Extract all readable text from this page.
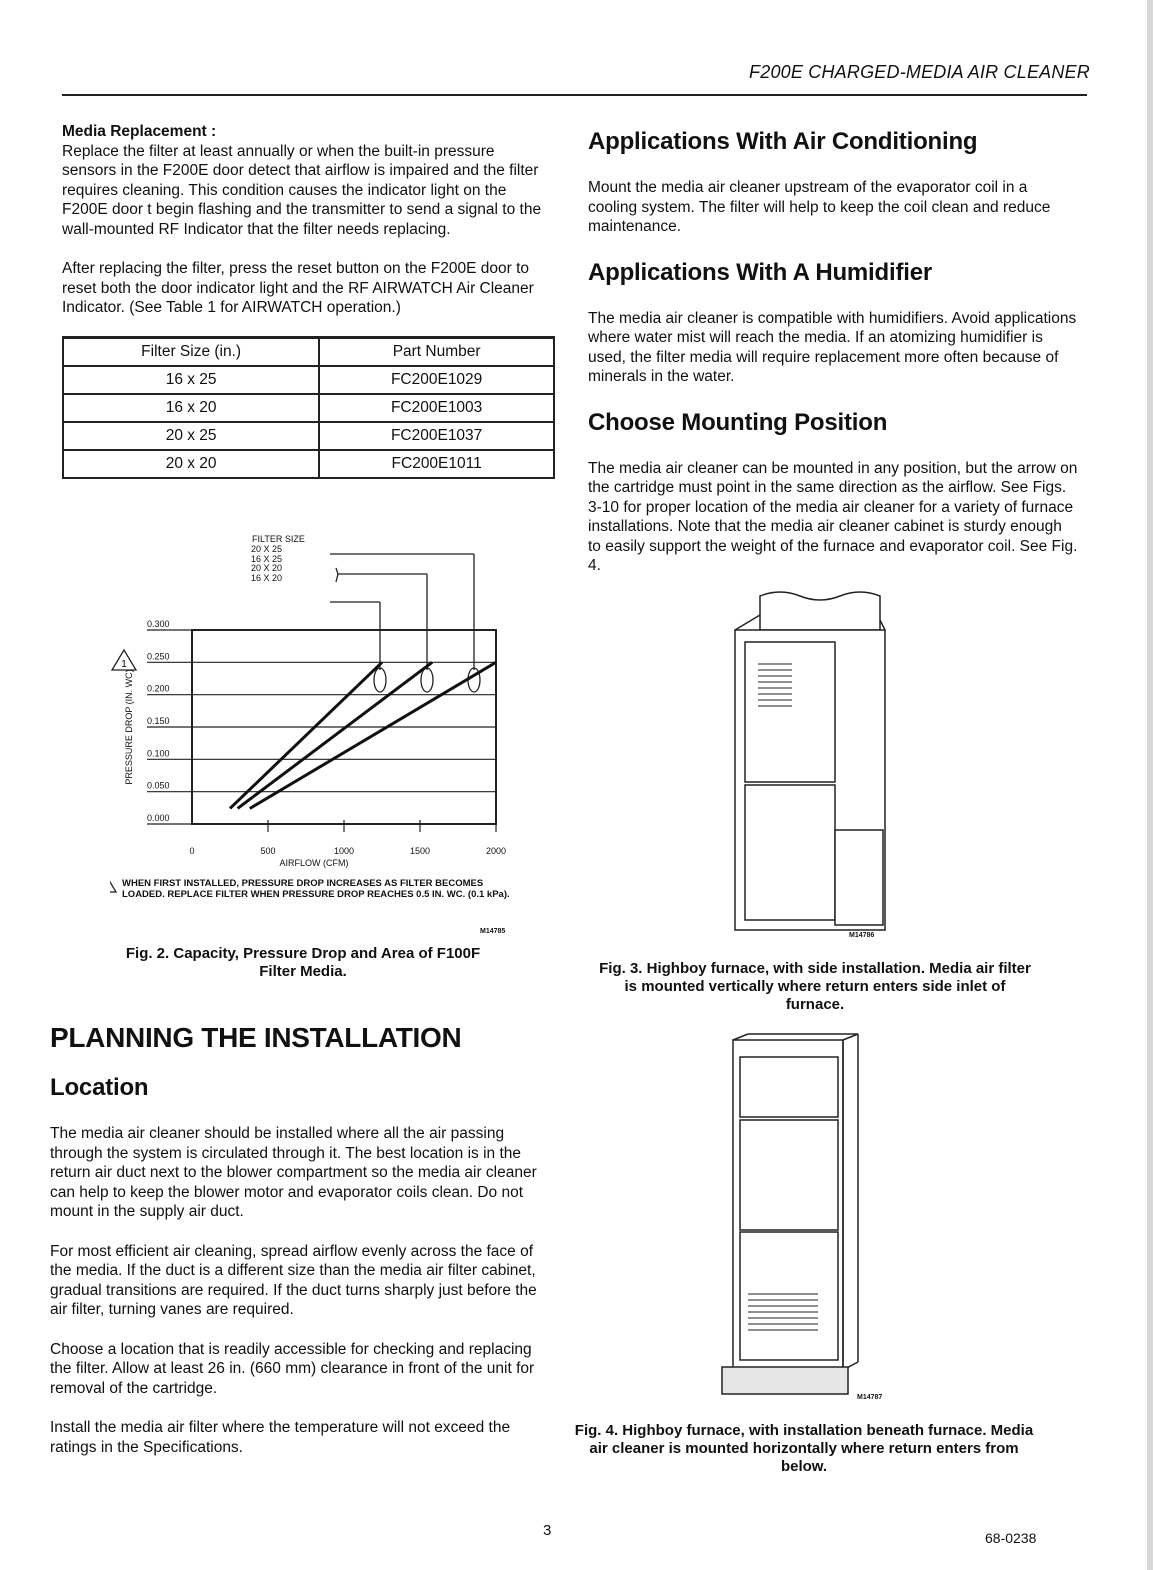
F200E CHARGED-MEDIA AIR CLEANER
Media Replacement :
Replace the filter at least annually or when the built-in pressure sensors in the F200E door detect that airflow is impaired and the filter requires cleaning. This condition causes the indicator light on the F200E door t begin flashing and the transmitter to send a signal to the wall-mounted RF Indicator that the filter needs replacing.

After replacing the filter, press the reset button on the F200E door to reset both the door indicator light and the RF AIRWATCH Air Cleaner Indicator. (See Table 1 for AIRWATCH operation.)

Filter Size (in.)	Part Number
16 x 25	FC200E1029
16 x 20	FC200E1003
20 x 25	FC200E1037
20 x 20	FC200E1011
0.000
0.050
0.100
0.150
0.200
0.250
0.300
0	500	1000	1500	2000
AIRFLOW (CFM)
PRESSURE DROP (IN. WC)
1
FILTER SIZE
20 X 25
16 X 25
20 X 20
16 X 20
WHEN FIRST INSTALLED, PRESSURE DROP INCREASES AS FILTER BECOMES LOADED. REPLACE FILTER WHEN PRESSURE DROP REACHES 0.5 IN. WC. (0.1 kPa).
M14785
Fig. 2. Capacity, Pressure Drop and Area of F100F Filter Media.
PLANNING THE INSTALLATION
Location

The media air cleaner should be installed where all the air passing through the system is circulated through it. The best location is in the return air duct next to the blower compartment so the media air cleaner can help to keep the blower motor and evaporator coils clean. Do not mount in the supply air duct.

For most efficient air cleaning, spread airflow evenly across the face of the media. If the duct is a different size than the media air filter cabinet, gradual transitions are required. If the duct turns sharply just before the air filter, turning vanes are required.

Choose a location that is readily accessible for checking and replacing the filter. Allow at least 26 in. (660 mm) clearance in front of the unit for removal of the cartridge.

Install the media air filter where the temperature will not exceed the ratings in the Specifications.

Applications With Air Conditioning

Mount the media air cleaner upstream of the evaporator coil in a cooling system. The filter will help to keep the coil clean and reduce maintenance.

Applications With A Humidifier

The media air cleaner is compatible with humidifiers. Avoid applications where water mist will reach the media. If an atomizing humidifier is used, the filter media will require replacement more often because of minerals in the water.

Choose Mounting Position

The media air cleaner can be mounted in any position, but the arrow on the cartridge must point in the same direction as the airflow. See Figs. 3-10 for proper location of the media air cleaner for a variety of furnace installations. Note that the media air cleaner cabinet is sturdy enough to easily support the weight of the furnace and evaporator coil. See Fig. 4.

M14786
Fig. 3. Highboy furnace, with side installation. Media air filter is mounted vertically where return enters side inlet of furnace.
M14787
Fig. 4. Highboy furnace, with installation beneath furnace. Media air cleaner is mounted horizontally where return enters from below.
3	68-0238
